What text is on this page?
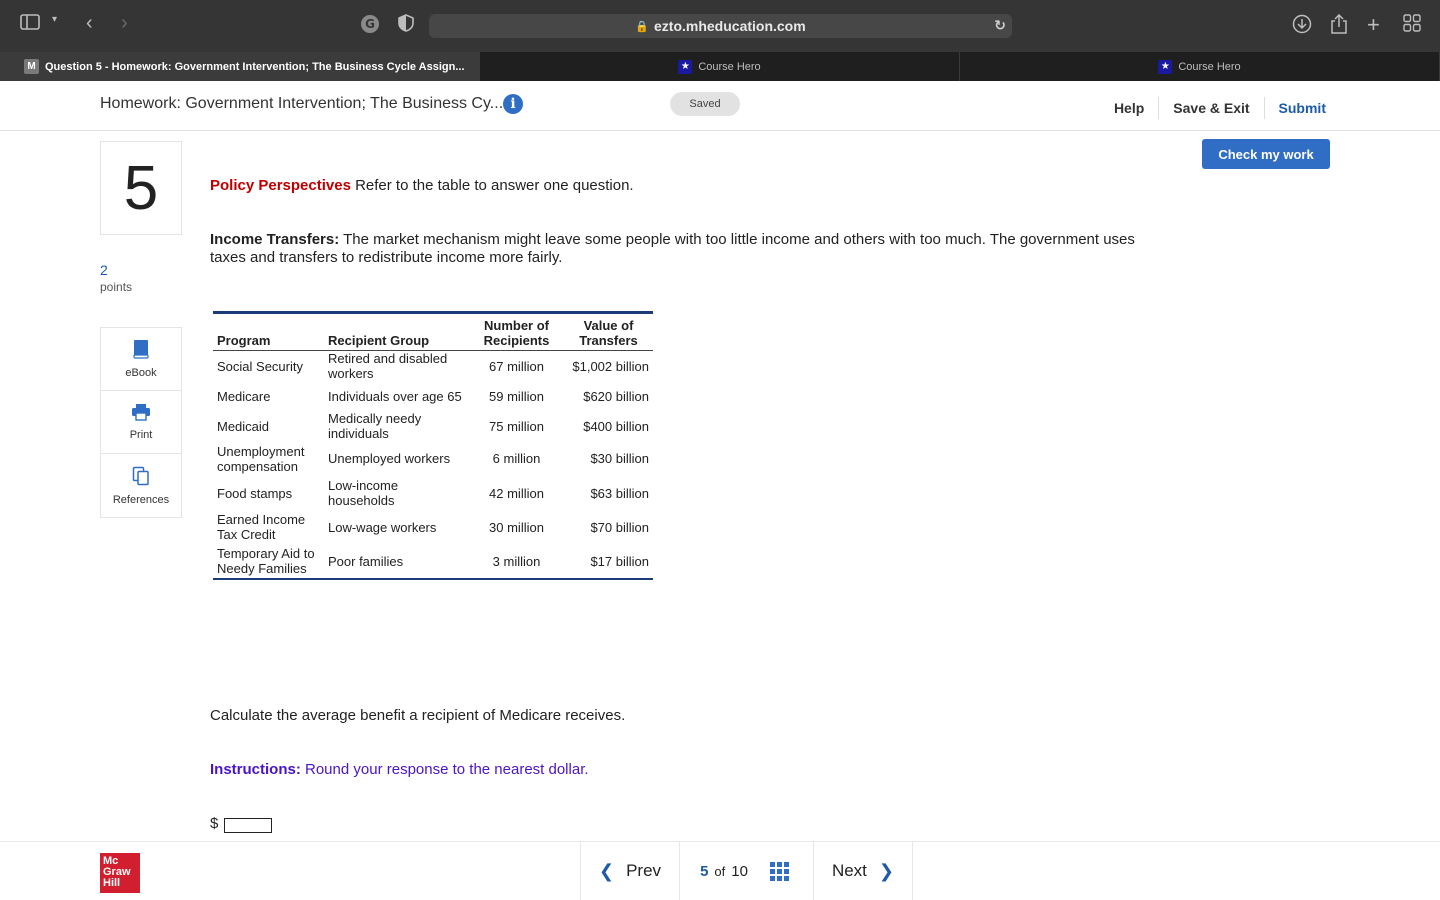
▾ ‹ ›	G	🔒 ezto.mheducation.com	↻	+
M Question 5 - Homework: Government Intervention; The Business Cycle Assign...	★ Course Hero	★ Course Hero
Homework: Government Intervention; The Business Cy... i	Saved	Help	Save & Exit	Submit
5
2
points
eBook
Print
References
Check my work
Policy Perspectives Refer to the table to answer one question.
Income Transfers: The market mechanism might leave some people with too little income and others with too much. The government uses taxes and transfers to redistribute income more fairly.
Program	Recipient Group	Number of Recipients	Value of Transfers
Social Security	Retired and disabled workers	67 million	$1,002 billion
Medicare	Individuals over age 65	59 million	$620 billion
Medicaid	Medically needy individuals	75 million	$400 billion
Unemployment compensation	Unemployed workers	6 million	$30 billion
Food stamps	Low-income households	42 million	$63 billion
Earned Income Tax Credit	Low-wage workers	30 million	$70 billion
Temporary Aid to Needy Families	Poor families	3 million	$17 billion
Calculate the average benefit a recipient of Medicare receives.
Instructions: Round your response to the nearest dollar.
$
Mc
Graw
Hill
❮ Prev	5 of 10	Next ❯
